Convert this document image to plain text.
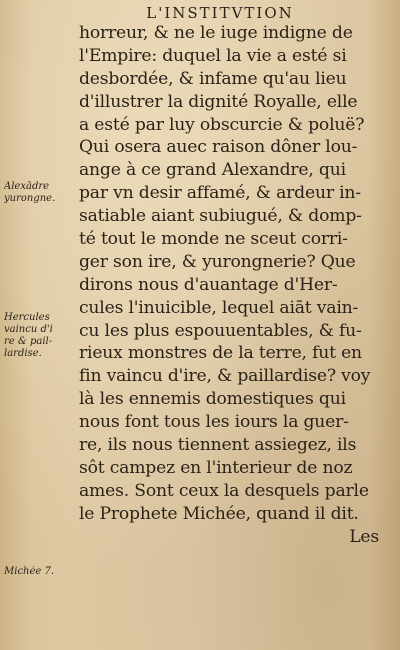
L'INSTITVTION
Alexādre
yurongne.
Hercules
vaincu d'i
re & pail-
lardise.
Michée 7.
horreur, & ne le iuge indigne de
l'Empire: duquel la vie a esté si
desbordée, & infame qu'au lieu
d'illustrer la dignité Royalle, elle
a esté par luy obscurcie & poluë?
Qui osera auec raison dôner lou-
ange à ce grand Alexandre, qui
par vn desir affamé, & ardeur in-
satiable aiant subiugué, & domp-
té tout le monde ne sceut corri-
ger son ire, & yurongnerie? Que
dirons nous d'auantage d'Her-
cules l'inuicible, lequel aiāt vain-
cu les plus espouuentables, & fu-
rieux monstres de la terre, fut en
fin vaincu d'ire, & paillardise? voy
là les ennemis domestiques qui
nous font tous les iours la guer-
re, ils nous tiennent assiegez, ils
sôt campez en l'interieur de noz
ames. Sont ceux la desquels parle
le Prophete Michée, quand il dit.
Les
